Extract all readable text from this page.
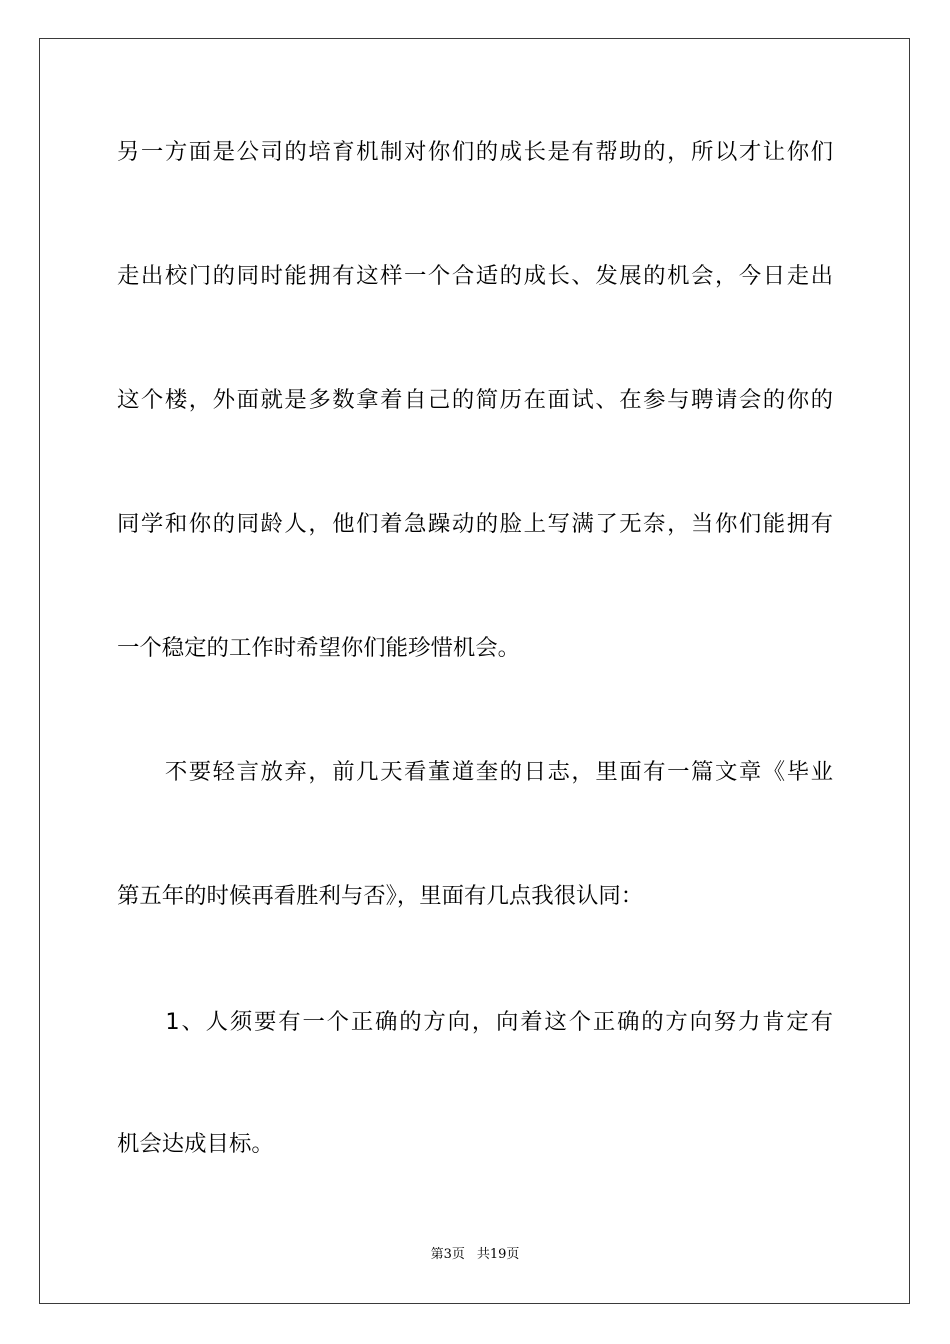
另一方面是公司的培育机制对你们的成长是有帮助的，所以才让你们

走出校门的同时能拥有这样一个合适的成长、发展的机会，今日走出

这个楼，外面就是多数拿着自己的简历在面试、在参与聘请会的你的

同学和你的同龄人，他们着急躁动的脸上写满了无奈，当你们能拥有

一个稳定的工作时希望你们能珍惜机会。

　　不要轻言放弃，前几天看董道奎的日志，里面有一篇文章《毕业

第五年的时候再看胜利与否》，里面有几点我很认同：

　　1、人须要有一个正确的方向，向着这个正确的方向努力肯定有

机会达成目标。

第3页 共19页
